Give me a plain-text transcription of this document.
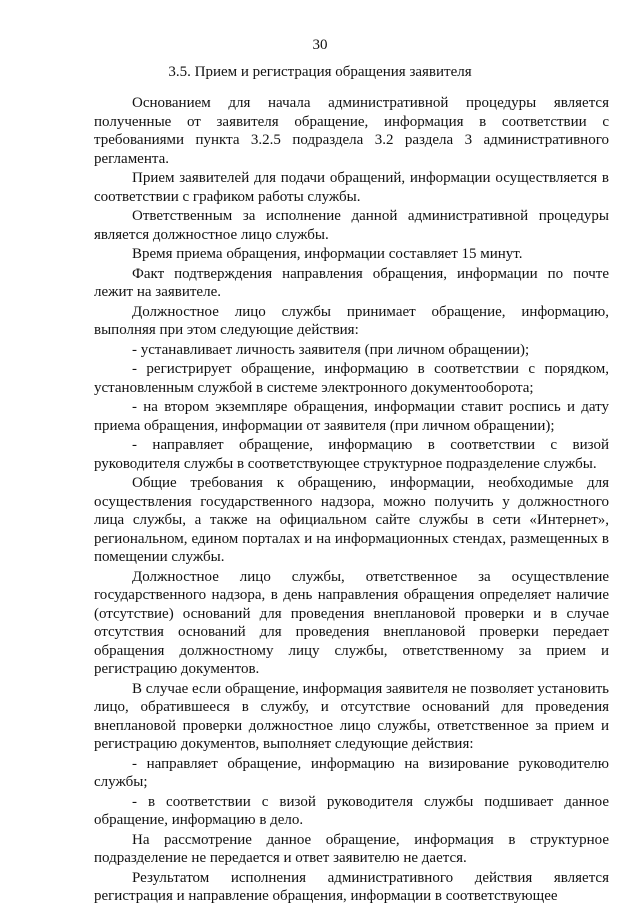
30
3.5. Прием и регистрация обращения заявителя

Основанием для начала административной процедуры является полученные от заявителя обращение, информация в соответствии с требованиями пункта 3.2.5 подраздела 3.2 раздела 3 административного регламента.

Прием заявителей для подачи обращений, информации осуществляется в соответствии с графиком работы службы.

Ответственным за исполнение данной административной процедуры является должностное лицо службы.

Время приема обращения, информации составляет 15 минут.

Факт подтверждения направления обращения, информации по почте лежит на заявителе.

Должностное лицо службы принимает обращение, информацию, выполняя при этом следующие действия:

- устанавливает личность заявителя (при личном обращении);

- регистрирует обращение, информацию в соответствии с порядком, установленным службой в системе электронного документооборота;

- на втором экземпляре обращения, информации ставит роспись и дату приема обращения, информации от заявителя (при личном обращении);

- направляет обращение, информацию в соответствии с визой руководителя службы в соответствующее структурное подразделение службы.

Общие требования к обращению, информации, необходимые для осуществления государственного надзора, можно получить у должностного лица службы, а также на официальном сайте службы в сети «Интернет», региональном, едином порталах и на информационных стендах, размещенных в помещении службы.

Должностное лицо службы, ответственное за осуществление государственного надзора, в день направления обращения определяет наличие (отсутствие) оснований для проведения внеплановой проверки и в случае отсутствия оснований для проведения внеплановой проверки передает обращения должностному лицу службы, ответственному за прием и регистрацию документов.

В случае если обращение, информация заявителя не позволяет установить лицо, обратившееся в службу, и отсутствие оснований для проведения внеплановой проверки должностное лицо службы, ответственное за прием и регистрацию документов, выполняет следующие действия:

- направляет обращение, информацию на визирование руководителю службы;

- в соответствии с визой руководителя службы подшивает данное обращение, информацию в дело.

На рассмотрение данное обращение, информация в структурное подразделение не передается и ответ заявителю не дается.

Результатом исполнения административного действия является регистрация и направление обращения, информации в соответствующее
